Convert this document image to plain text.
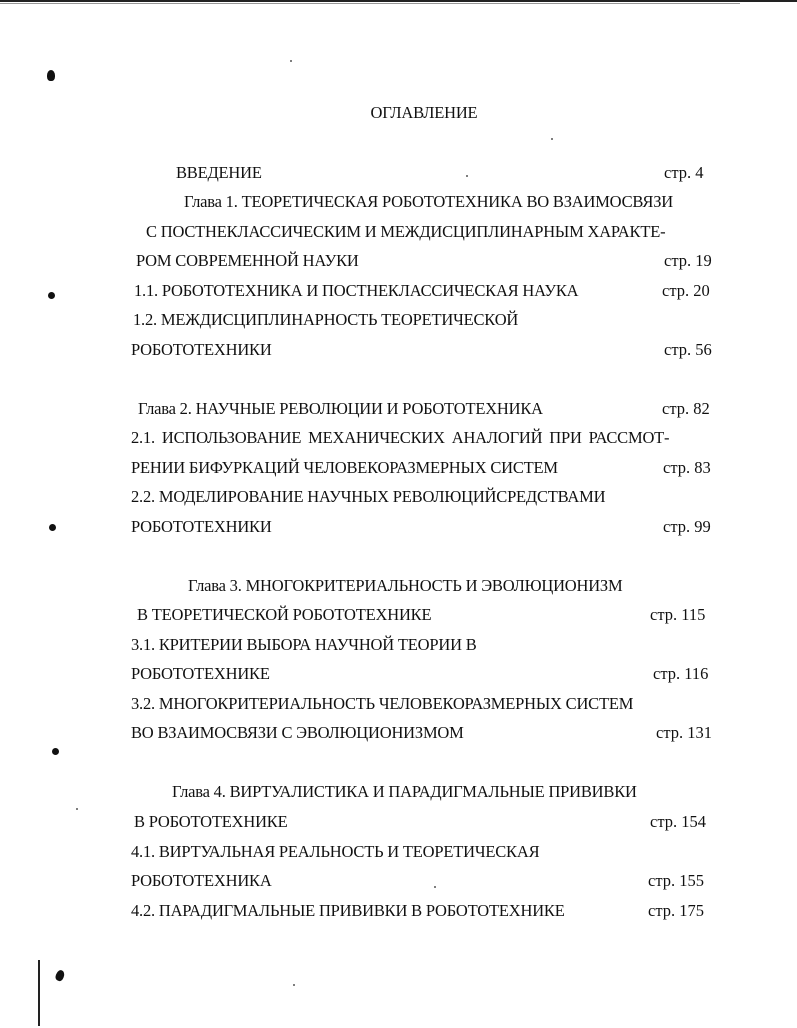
ОГЛАВЛЕНИЕ
ВВЕДЕНИЕ	стр. 4
Глава 1. ТЕОРЕТИЧЕСКАЯ РОБОТОТЕХНИКА ВО ВЗАИМОСВЯЗИ
С ПОСТНЕКЛАССИЧЕСКИМ И МЕЖДИСЦИПЛИНАРНЫМ ХАРАКТЕ-
РОМ СОВРЕМЕННОЙ НАУКИ	стр. 19
1.1. РОБОТОТЕХНИКА И ПОСТНЕКЛАССИЧЕСКАЯ НАУКА	стр. 20
1.2. МЕЖДИСЦИПЛИНАРНОСТЬ ТЕОРЕТИЧЕСКОЙ
РОБОТОТЕХНИКИ	стр. 56
Глава 2. НАУЧНЫЕ РЕВОЛЮЦИИ И РОБОТОТЕХНИКА	стр. 82
2.1. ИСПОЛЬЗОВАНИЕ МЕХАНИЧЕСКИХ АНАЛОГИЙ ПРИ РАССМОТ-
РЕНИИ БИФУРКАЦИЙ ЧЕЛОВЕКОРАЗМЕРНЫХ СИСТЕМ	стр. 83
2.2. МОДЕЛИРОВАНИЕ НАУЧНЫХ РЕВОЛЮЦИЙСРЕДСТВАМИ
РОБОТОТЕХНИКИ	стр. 99
Глава 3. МНОГОКРИТЕРИАЛЬНОСТЬ И ЭВОЛЮЦИОНИЗМ
В ТЕОРЕТИЧЕСКОЙ РОБОТОТЕХНИКЕ	стр. 115
3.1. КРИТЕРИИ ВЫБОРА НАУЧНОЙ ТЕОРИИ В
РОБОТОТЕХНИКЕ	стр. 116
3.2. МНОГОКРИТЕРИАЛЬНОСТЬ ЧЕЛОВЕКОРАЗМЕРНЫХ СИСТЕМ
ВО ВЗАИМОСВЯЗИ С ЭВОЛЮЦИОНИЗМОМ	стр. 131
Глава 4. ВИРТУАЛИСТИКА И ПАРАДИГМАЛЬНЫЕ ПРИВИВКИ
В РОБОТОТЕХНИКЕ	стр. 154
4.1. ВИРТУАЛЬНАЯ РЕАЛЬНОСТЬ И ТЕОРЕТИЧЕСКАЯ
РОБОТОТЕХНИКА	стр. 155
4.2. ПАРАДИГМАЛЬНЫЕ ПРИВИВКИ В РОБОТОТЕХНИКЕ	стр. 175
